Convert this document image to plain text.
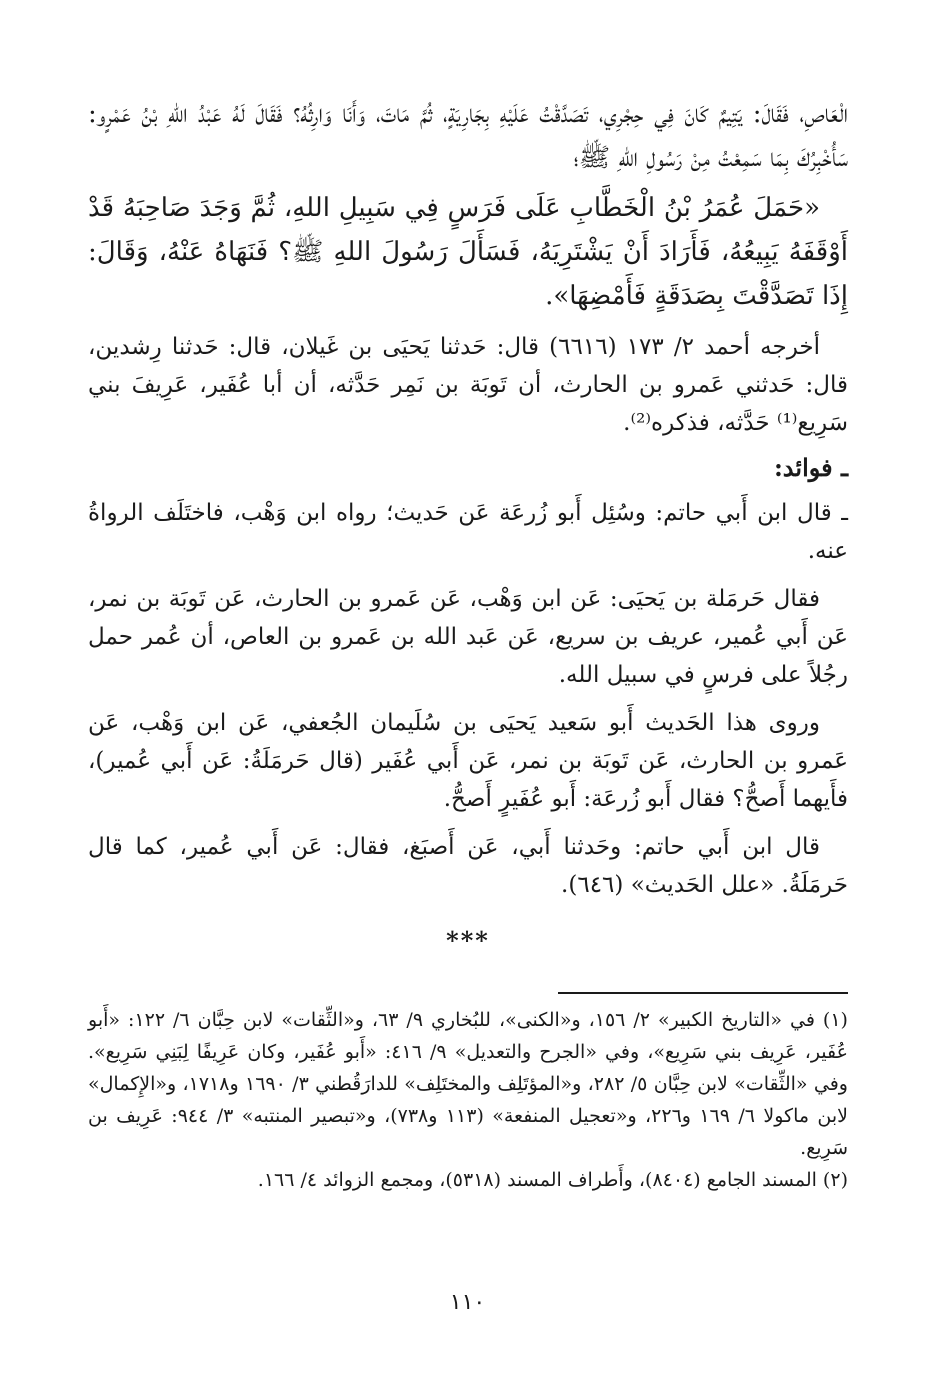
الْعَاصِ، فَقَالَ: يَتِيمٌ كَانَ فِي حِجْرِي، تَصَدَّقْتُ عَلَيْهِ بِجَارِيَةٍ، ثُمَّ مَاتَ، وَأَنَا وَارِثُهُ؟ فَقَالَ لَهُ عَبْدُ اللهِ بْنُ عَمْرٍو: سَأُخْبِرُكَ بِمَا سَمِعْتُ مِنْ رَسُولِ اللهِ ﷺ؛

«حَمَلَ عُمَرُ بْنُ الْخَطَّابِ عَلَى فَرَسٍ فِي سَبِيلِ اللهِ، ثُمَّ وَجَدَ صَاحِبَهُ قَدْ أَوْقَفَهُ يَبِيعُهُ، فَأَرَادَ أَنْ يَشْتَرِيَهُ، فَسَأَلَ رَسُولَ اللهِ ﷺ؟ فَنَهَاهُ عَنْهُ، وَقَالَ: إِذَا تَصَدَّقْتَ بِصَدَقَةٍ فَأَمْضِهَا».

أخرجه أحمد ٢/ ١٧٣ (٦٦١٦) قال: حَدثنا يَحيَى بن غَيلان، قال: حَدثنا رِشدين، قال: حَدثني عَمرو بن الحارث، أن تَوبَة بن نَمِر حَدَّثه، أن أبا عُفَير، عَرِيفَ بني سَرِيع⁽¹⁾ حَدَّثه، فذكره⁽²⁾.

ـ فوائد:

ـ قال ابن أَبي حاتم: وسُئِل أَبو زُرعَة عَن حَديث؛ رواه ابن وَهْب، فاختَلَف الرواةُ عنه.

فقال حَرمَلة بن يَحيَى: عَن ابن وَهْب، عَن عَمرو بن الحارث، عَن تَوبَة بن نمر، عَن أَبي عُمير، عريف بن سريع، عَن عَبد الله بن عَمرو بن العاص، أن عُمر حمل رجُلاً على فرسٍ في سبيل الله.

وروى هذا الحَديث أَبو سَعيد يَحيَى بن سُلَيمان الجُعفي، عَن ابن وَهْب، عَن عَمرو بن الحارث، عَن تَوبَة بن نمر، عَن أَبي عُفَير (قال حَرمَلَةُ: عَن أَبي عُمير)، فأَيهما أَصحُّ؟ فقال أَبو زُرعَة: أَبو عُفَيرٍ أَصحُّ.

قال ابن أَبي حاتم: وحَدثنا أَبي، عَن أَصبَغ، فقال: عَن أَبي عُمير، كما قال حَرمَلَةُ. «علل الحَديث» (٦٤٦).

***

(١) في «التاريخ الكبير» ٢/ ١٥٦، و«الكنى»، للبُخاري ٩/ ٦٣، و«الثِّقات» لابن حِبَّان ٦/ ١٢٢: «أَبو عُفَير، عَرِيف بني سَرِيع»، وفي «الجرح والتعديل» ٩/ ٤١٦: «أَبو عُفَير، وكان عَرِيفًا لِبَنِي سَرِيع». وفي «الثِّقات» لابن حِبَّان ٥/ ٢٨٢، و«المؤتَلِف والمختَلِف» للدارَقُطني ٣/ ١٦٩٠ و١٧١٨، و«الإِكمال» لابن ماكولا ٦/ ١٦٩ و٢٢٦، و«تعجيل المنفعة» (١١٣ و٧٣٨)، و«تبصير المنتبه» ٣/ ٩٤٤: عَرِيف بن سَرِيع.

(٢) المسند الجامع (٨٤٠٤)، وأَطراف المسند (٥٣١٨)، ومجمع الزوائد ٤/ ١٦٦.

١١٠
